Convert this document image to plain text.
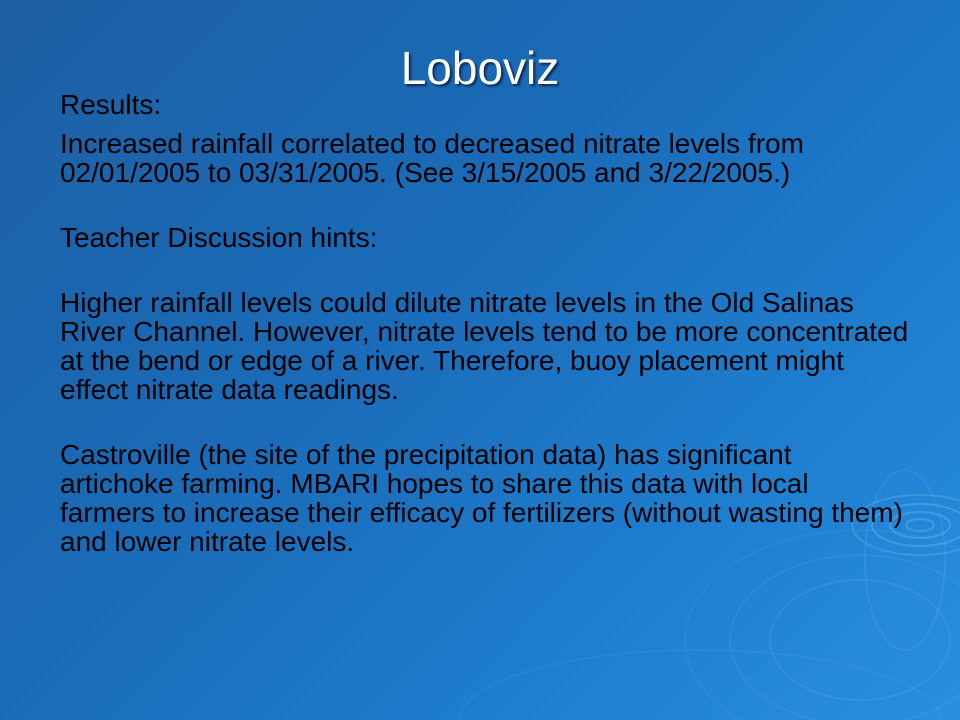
Loboviz

Results:

Increased rainfall correlated to decreased nitrate levels from 02/01/2005 to 03/31/2005. (See 3/15/2005 and 3/22/2005.)

Teacher Discussion hints:

Higher rainfall levels could dilute nitrate levels in the Old Salinas River Channel. However, nitrate levels tend to be more concentrated at the bend or edge of a river. Therefore, buoy placement might effect nitrate data readings.

Castroville (the site of the precipitation data) has significant artichoke farming. MBARI hopes to share this data with local farmers to increase their efficacy of fertilizers (without wasting them) and lower nitrate levels.
